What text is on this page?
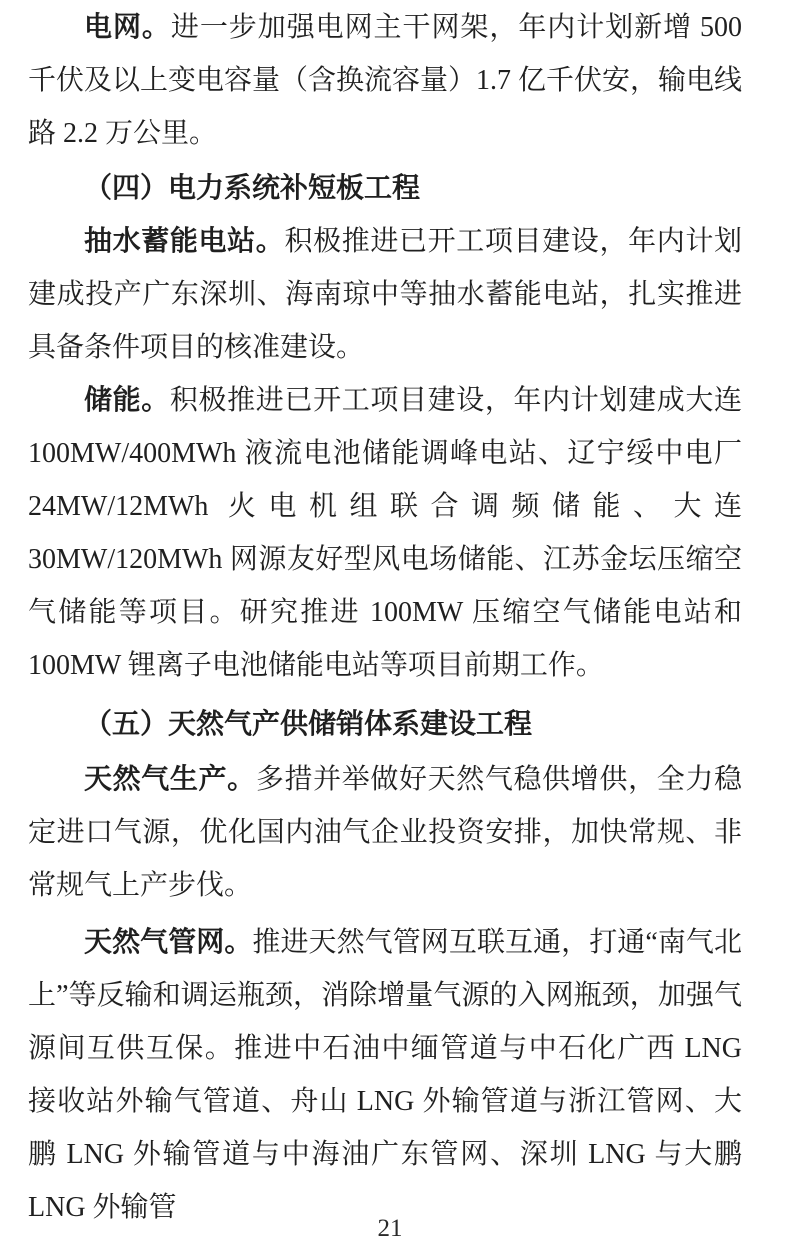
电网。进一步加强电网主干网架，年内计划新增 500 千伏及以上变电容量（含换流容量）1.7 亿千伏安，输电线路 2.2 万公里。

（四）电力系统补短板工程

抽水蓄能电站。积极推进已开工项目建设，年内计划建成投产广东深圳、海南琼中等抽水蓄能电站，扎实推进具备条件项目的核准建设。

储能。积极推进已开工项目建设，年内计划建成大连 100MW/400MWh 液流电池储能调峰电站、辽宁绥中电厂 24MW/12MWh 火电机组联合调频储能、大连 30MW/120MWh 网源友好型风电场储能、江苏金坛压缩空气储能等项目。研究推进 100MW 压缩空气储能电站和 100MW 锂离子电池储能电站等项目前期工作。

（五）天然气产供储销体系建设工程

天然气生产。多措并举做好天然气稳供增供，全力稳定进口气源，优化国内油气企业投资安排，加快常规、非常规气上产步伐。

天然气管网。推进天然气管网互联互通，打通“南气北上”等反输和调运瓶颈，消除增量气源的入网瓶颈，加强气源间互供互保。推进中石油中缅管道与中石化广西 LNG 接收站外输气管道、舟山 LNG 外输管道与浙江管网、大鹏 LNG 外输管道与中海油广东管网、深圳 LNG 与大鹏 LNG 外输管

21
